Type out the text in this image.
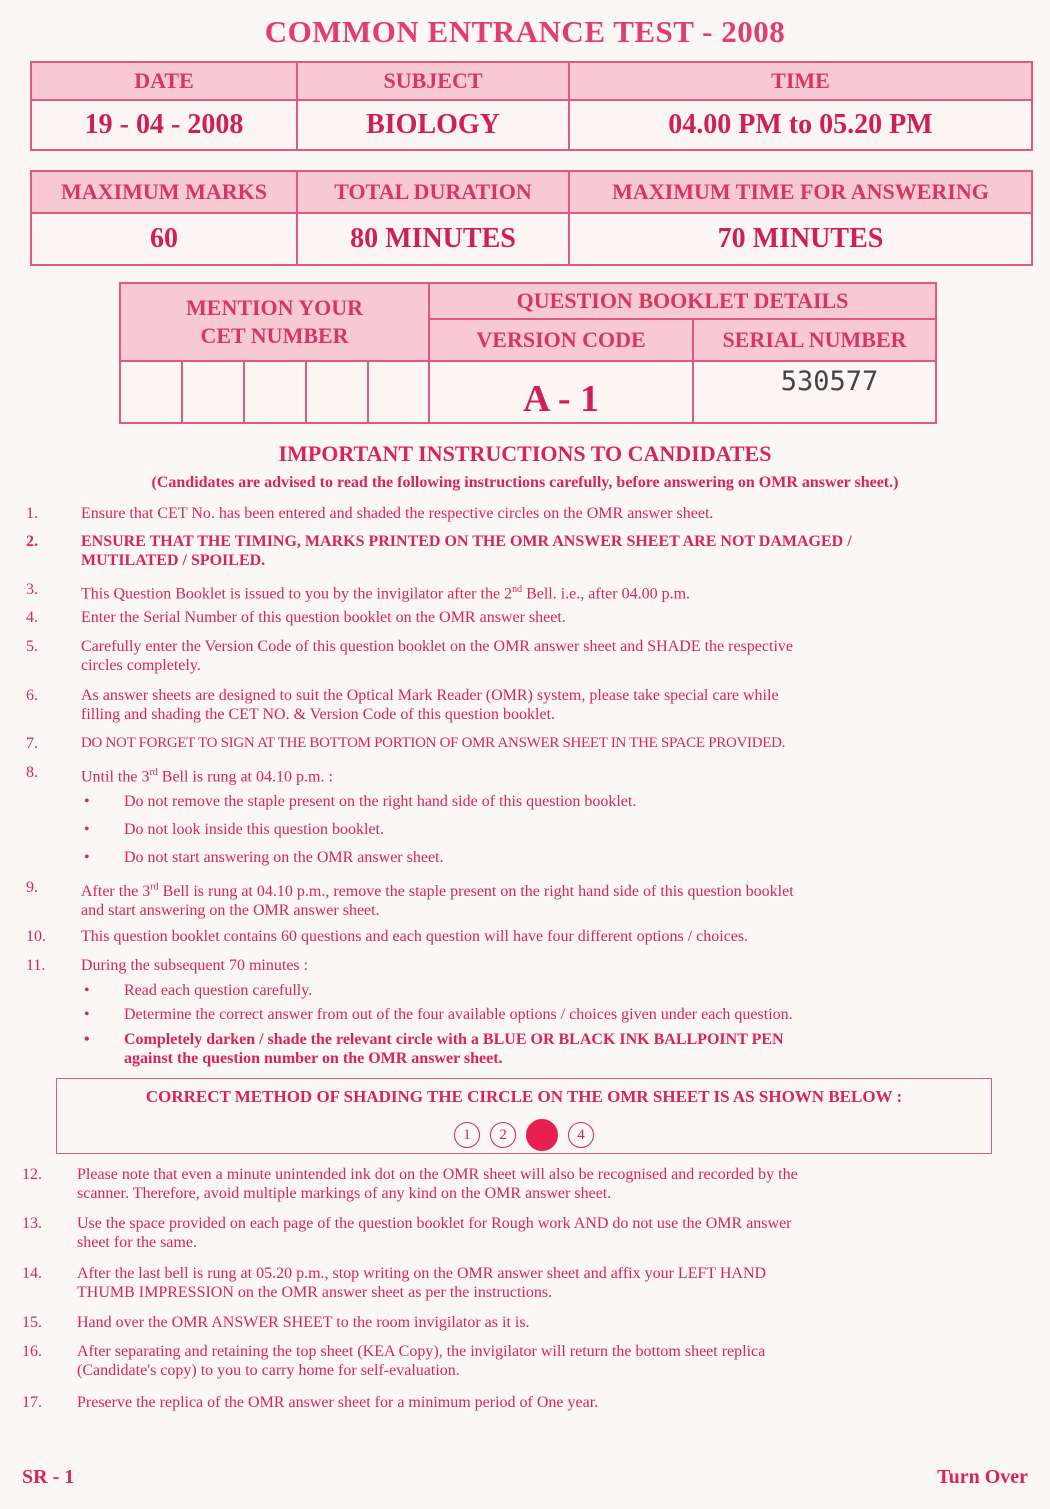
COMMON ENTRANCE TEST - 2008
DATE	SUBJECT	TIME
19 - 04 - 2008	BIOLOGY	04.00 PM to 05.20 PM
MAXIMUM MARKS	TOTAL DURATION	MAXIMUM TIME FOR ANSWERING
60	80 MINUTES	70 MINUTES
MENTION YOUR
CET NUMBER					QUESTION BOOKLET DETAILS	
					VERSION CODE	SERIAL NUMBER
					A - 1	530577
IMPORTANT INSTRUCTIONS TO CANDIDATES
(Candidates are advised to read the following instructions carefully, before answering on OMR answer sheet.)
1.	Ensure that CET No. has been entered and shaded the respective circles on the OMR answer sheet.
2.	ENSURE THAT THE TIMING, MARKS PRINTED ON THE OMR ANSWER SHEET ARE NOT DAMAGED /
MUTILATED / SPOILED.
3.	This Question Booklet is issued to you by the invigilator after the 2nd Bell. i.e., after 04.00 p.m.
4.	Enter the Serial Number of this question booklet on the OMR answer sheet.
5.	Carefully enter the Version Code of this question booklet on the OMR answer sheet and SHADE the respective
circles completely.
6.	As answer sheets are designed to suit the Optical Mark Reader (OMR) system, please take special care while
filling and shading the CET NO. & Version Code of this question booklet.
7.	DO NOT FORGET TO SIGN AT THE BOTTOM PORTION OF OMR ANSWER SHEET IN THE SPACE PROVIDED.
8.	Until the 3rd Bell is rung at 04.10 p.m. :
•	Do not remove the staple present on the right hand side of this question booklet.
•	Do not look inside this question booklet.
•	Do not start answering on the OMR answer sheet.
9.	After the 3rd Bell is rung at 04.10 p.m., remove the staple present on the right hand side of this question booklet
and start answering on the OMR answer sheet.
10.	This question booklet contains 60 questions and each question will have four different options / choices.
11.	During the subsequent 70 minutes :
•	Read each question carefully.
•	Determine the correct answer from out of the four available options / choices given under each question.
•	Completely darken / shade the relevant circle with a BLUE OR BLACK INK BALLPOINT PEN
against the question number on the OMR answer sheet.
CORRECT METHOD OF SHADING THE CIRCLE ON THE OMR SHEET IS AS SHOWN BELOW :
1 2	4
12.	Please note that even a minute unintended ink dot on the OMR sheet will also be recognised and recorded by the
scanner. Therefore, avoid multiple markings of any kind on the OMR answer sheet.
13.	Use the space provided on each page of the question booklet for Rough work AND do not use the OMR answer
sheet for the same.
14.	After the last bell is rung at 05.20 p.m., stop writing on the OMR answer sheet and affix your LEFT HAND
THUMB IMPRESSION on the OMR answer sheet as per the instructions.
15.	Hand over the OMR ANSWER SHEET to the room invigilator as it is.
16.	After separating and retaining the top sheet (KEA Copy), the invigilator will return the bottom sheet replica
(Candidate's copy) to you to carry home for self-evaluation.
17.	Preserve the replica of the OMR answer sheet for a minimum period of One year.
SR - 1	Turn Over
